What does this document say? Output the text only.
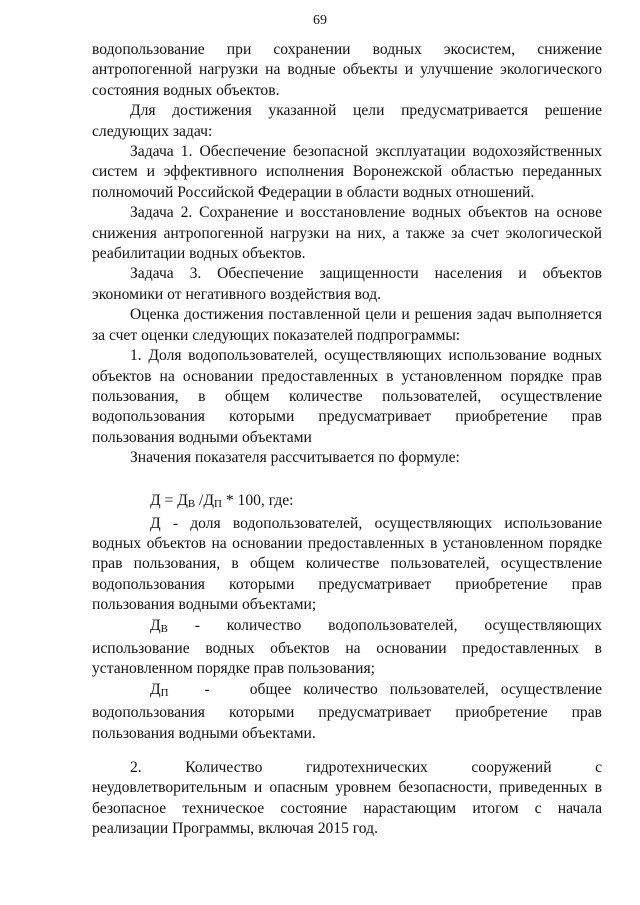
69

водопользование при сохранении водных экосистем, снижение антропогенной нагрузки на водные объекты и улучшение экологического состояния водных объектов.

Для достижения указанной цели предусматривается решение следующих задач:

Задача 1. Обеспечение безопасной эксплуатации водохозяйственных систем и эффективного исполнения Воронежской областью переданных полномочий Российской Федерации в области водных отношений.

Задача 2. Сохранение и восстановление водных объектов на основе снижения антропогенной нагрузки на них, а также за счет экологической реабилитации водных объектов.

Задача 3. Обеспечение защищенности населения и объектов экономики от негативного воздействия вод.

Оценка достижения поставленной цели и решения задач выполняется за счет оценки следующих показателей подпрограммы:

1. Доля водопользователей, осуществляющих использование водных объектов на основании предоставленных в установленном порядке прав пользования, в общем количестве пользователей, осуществление водопользования которыми предусматривает приобретение прав пользования водными объектами

Значения показателя рассчитывается по формуле:

Д = ДВ /ДП * 100, где:

Д - доля водопользователей, осуществляющих использование водных объектов на основании предоставленных в установленном порядке прав пользования, в общем количестве пользователей, осуществление водопользования которыми предусматривает приобретение прав пользования водными объектами;

ДВ - количество водопользователей, осуществляющих использование водных объектов на основании предоставленных в установленном порядке прав пользования;

ДП -	общее количество пользователей, осуществление водопользования которыми предусматривает приобретение прав пользования водными объектами.

2. Количество гидротехнических сооружений с неудовлетворительным и опасным уровнем безопасности, приведенных в безопасное техническое состояние нарастающим итогом с начала реализации Программы, включая 2015 год.
